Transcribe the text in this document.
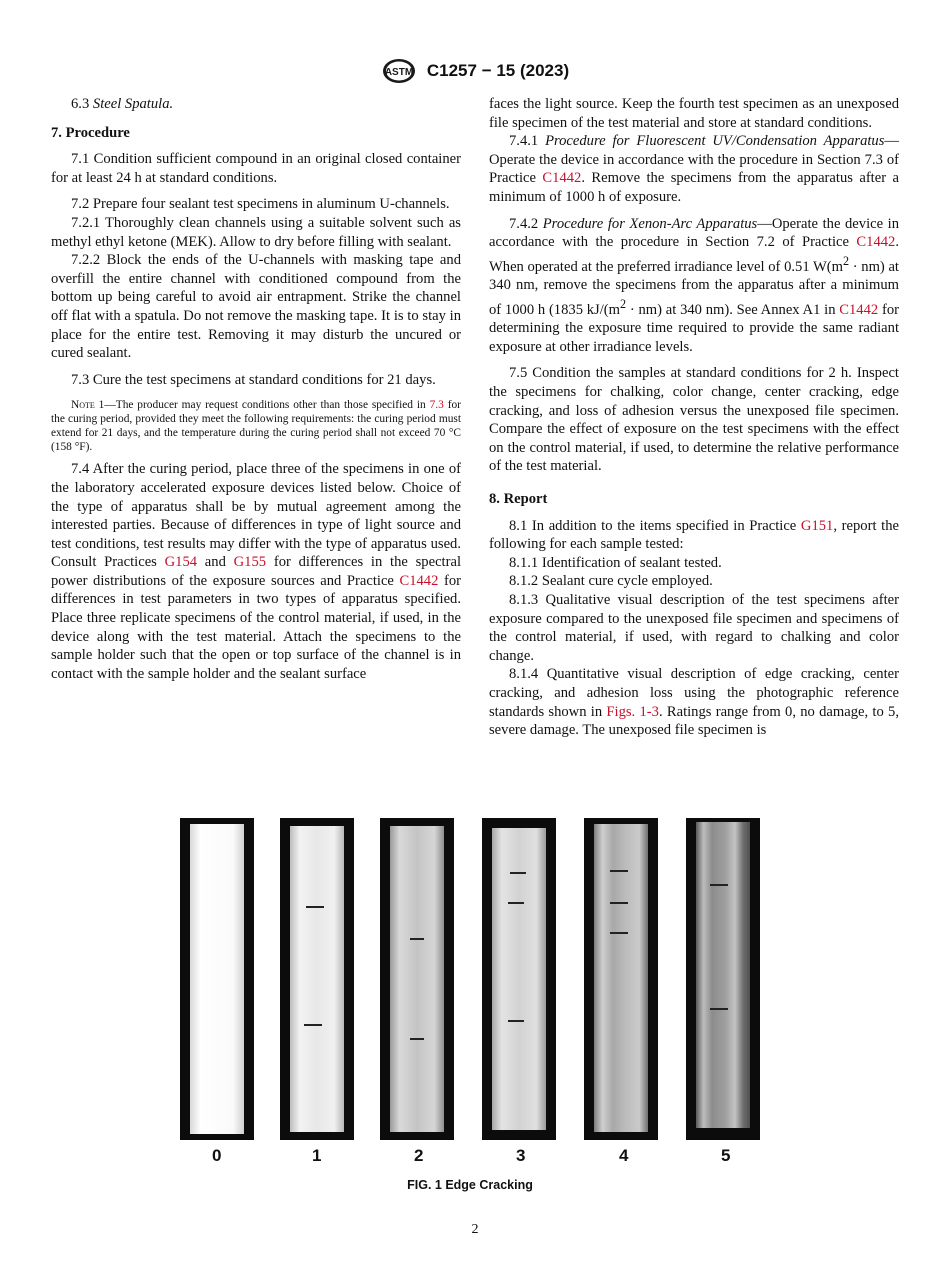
ASTM C1257 − 15 (2023)

6.3 Steel Spatula.

7. Procedure

7.1 Condition sufficient compound in an original closed container for at least 24 h at standard conditions.

7.2 Prepare four sealant test specimens in aluminum U-channels.

7.2.1 Thoroughly clean channels using a suitable solvent such as methyl ethyl ketone (MEK). Allow to dry before filling with sealant.

7.2.2 Block the ends of the U-channels with masking tape and overfill the entire channel with conditioned compound from the bottom up being careful to avoid air entrapment. Strike the channel off flat with a spatula. Do not remove the masking tape. It is to stay in place for the entire test. Removing it may disturb the uncured or cured sealant.

7.3 Cure the test specimens at standard conditions for 21 days.

Note 1—The producer may request conditions other than those specified in 7.3 for the curing period, provided they meet the following requirements: the curing period must extend for 21 days, and the temperature during the curing period shall not exceed 70 °C (158 °F).

7.4 After the curing period, place three of the specimens in one of the laboratory accelerated exposure devices listed below. Choice of the type of apparatus shall be by mutual agreement among the interested parties. Because of differences in type of light source and test conditions, test results may differ with the type of apparatus used. Consult Practices G154 and G155 for differences in the spectral power distributions of the exposure sources and Practice C1442 for differences in test parameters in two types of apparatus specified. Place three replicate specimens of the control material, if used, in the device along with the test material. Attach the specimens to the sample holder such that the open or top surface of the channel is in contact with the sample holder and the sealant surface

faces the light source. Keep the fourth test specimen as an unexposed file specimen of the test material and store at standard conditions.

7.4.1 Procedure for Fluorescent UV/Condensation Apparatus—Operate the device in accordance with the procedure in Section 7.3 of Practice C1442. Remove the specimens from the apparatus after a minimum of 1000 h of exposure.

7.4.2 Procedure for Xenon-Arc Apparatus—Operate the device in accordance with the procedure in Section 7.2 of Practice C1442. When operated at the preferred irradiance level of 0.51 $W(m^2 \cdot nm)$ at 340 nm, remove the specimens from the apparatus after a minimum of 1000 h (1835 $kJ/(m^2 \cdot nm)$ at 340 nm). See Annex A1 in C1442 for determining the exposure time required to provide the same radiant exposure at other irradiance levels.

7.5 Condition the samples at standard conditions for 2 h. Inspect the specimens for chalking, color change, center cracking, edge cracking, and loss of adhesion versus the unexposed file specimen. Compare the effect of exposure on the test specimens with the effect on the control material, if used, to determine the relative performance of the test material.

8. Report

8.1 In addition to the items specified in Practice G151, report the following for each sample tested:

8.1.1 Identification of sealant tested.

8.1.2 Sealant cure cycle employed.

8.1.3 Qualitative visual description of the test specimens after exposure compared to the unexposed file specimen and specimens of the control material, if used, with regard to chalking and color change.

8.1.4 Quantitative visual description of edge cracking, center cracking, and adhesion loss using the photographic reference standards shown in Figs. 1-3. Ratings range from 0, no damage, to 5, severe damage. The unexposed file specimen is

0	1	2	3	4	5
FIG. 1 Edge Cracking
2
